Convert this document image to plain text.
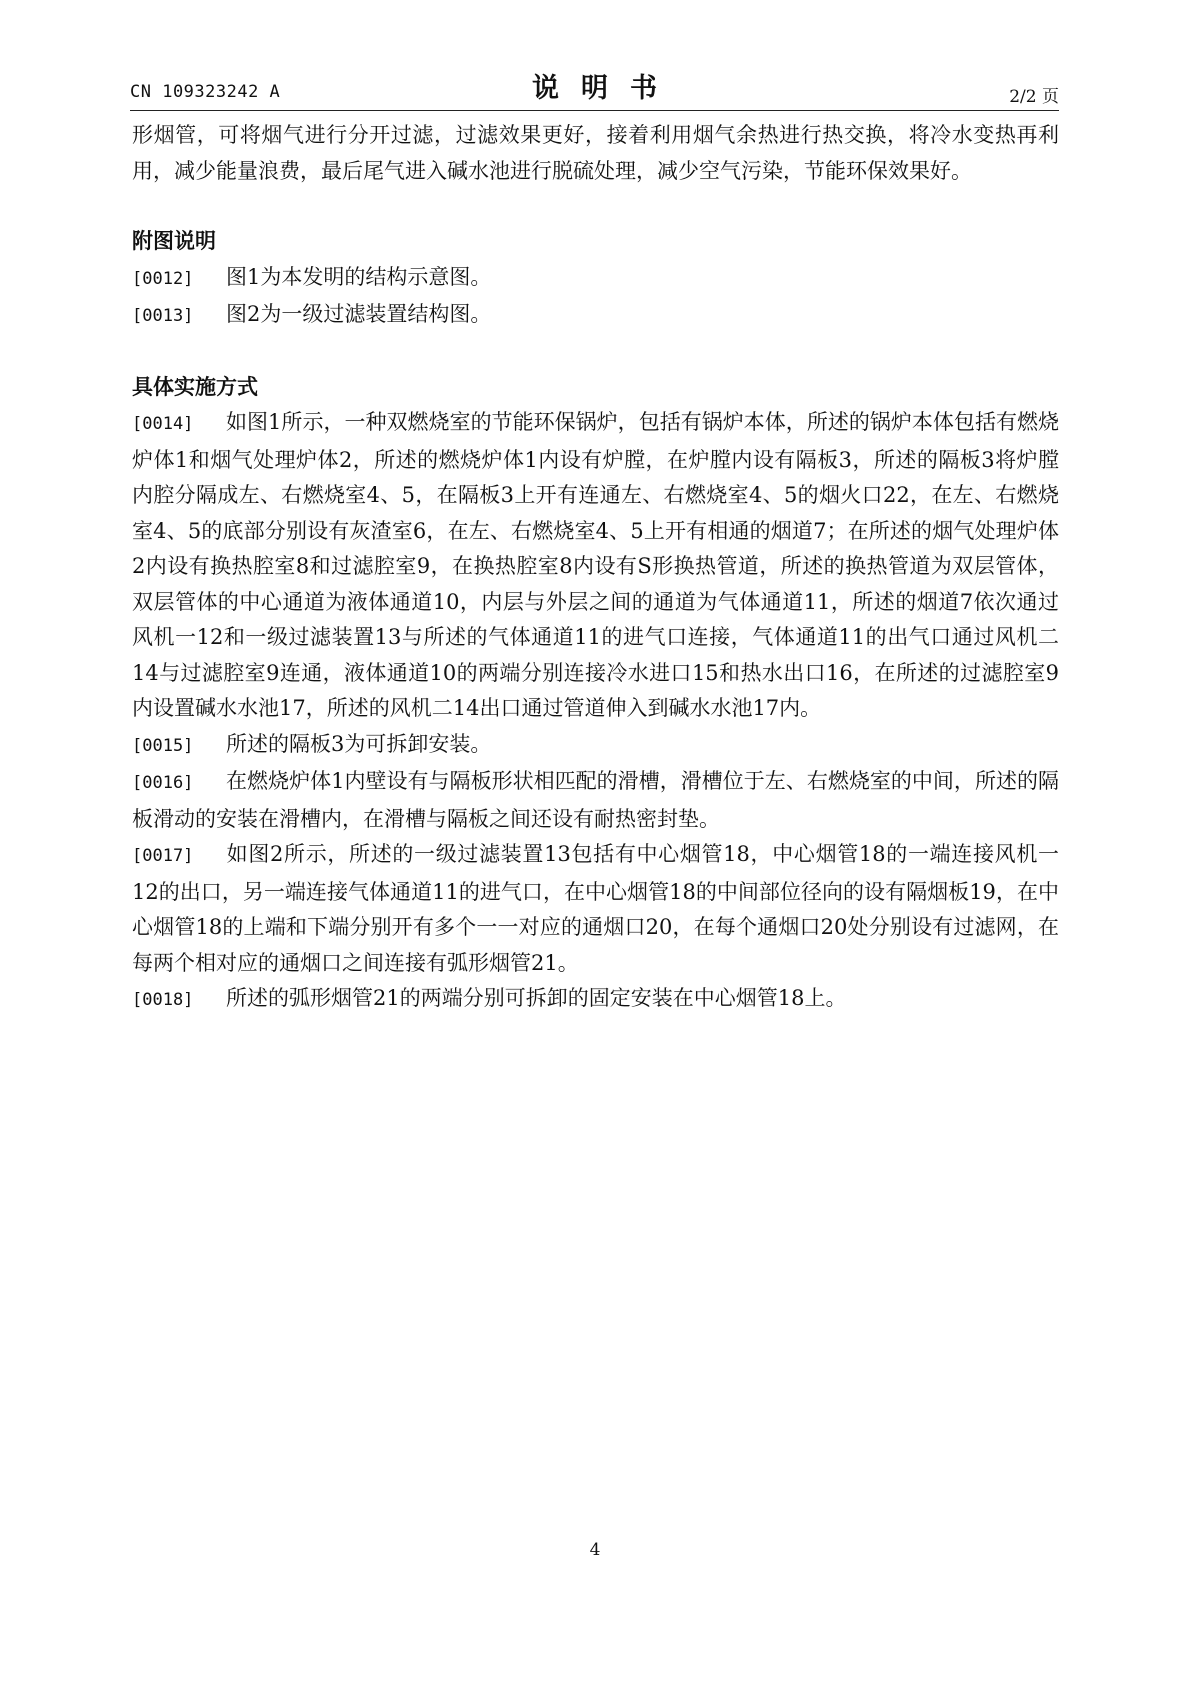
CN 109323242 A	说明书	2/2 页

形烟管，可将烟气进行分开过滤，过滤效果更好，接着利用烟气余热进行热交换，将冷水变热再利用，减少能量浪费，最后尾气进入碱水池进行脱硫处理，减少空气污染，节能环保效果好。

附图说明

[0012] 图1为本发明的结构示意图。

[0013] 图2为一级过滤装置结构图。

具体实施方式

[0014] 如图1所示，一种双燃烧室的节能环保锅炉，包括有锅炉本体，所述的锅炉本体包括有燃烧炉体1和烟气处理炉体2，所述的燃烧炉体1内设有炉膛，在炉膛内设有隔板3，所述的隔板3将炉膛内腔分隔成左、右燃烧室4、5，在隔板3上开有连通左、右燃烧室4、5的烟火口22，在左、右燃烧室4、5的底部分别设有灰渣室6，在左、右燃烧室4、5上开有相通的烟道7；在所述的烟气处理炉体2内设有换热腔室8和过滤腔室9，在换热腔室8内设有S形换热管道，所述的换热管道为双层管体，双层管体的中心通道为液体通道10，内层与外层之间的通道为气体通道11，所述的烟道7依次通过风机一12和一级过滤装置13与所述的气体通道11的进气口连接，气体通道11的出气口通过风机二14与过滤腔室9连通，液体通道10的两端分别连接冷水进口15和热水出口16，在所述的过滤腔室9内设置碱水水池17，所述的风机二14出口通过管道伸入到碱水水池17内。

[0015] 所述的隔板3为可拆卸安装。

[0016] 在燃烧炉体1内壁设有与隔板形状相匹配的滑槽，滑槽位于左、右燃烧室的中间，所述的隔板滑动的安装在滑槽内，在滑槽与隔板之间还设有耐热密封垫。

[0017] 如图2所示，所述的一级过滤装置13包括有中心烟管18，中心烟管18的一端连接风机一12的出口，另一端连接气体通道11的进气口，在中心烟管18的中间部位径向的设有隔烟板19，在中心烟管18的上端和下端分别开有多个一一对应的通烟口20，在每个通烟口20处分别设有过滤网，在每两个相对应的通烟口之间连接有弧形烟管21。

[0018] 所述的弧形烟管21的两端分别可拆卸的固定安装在中心烟管18上。

4
